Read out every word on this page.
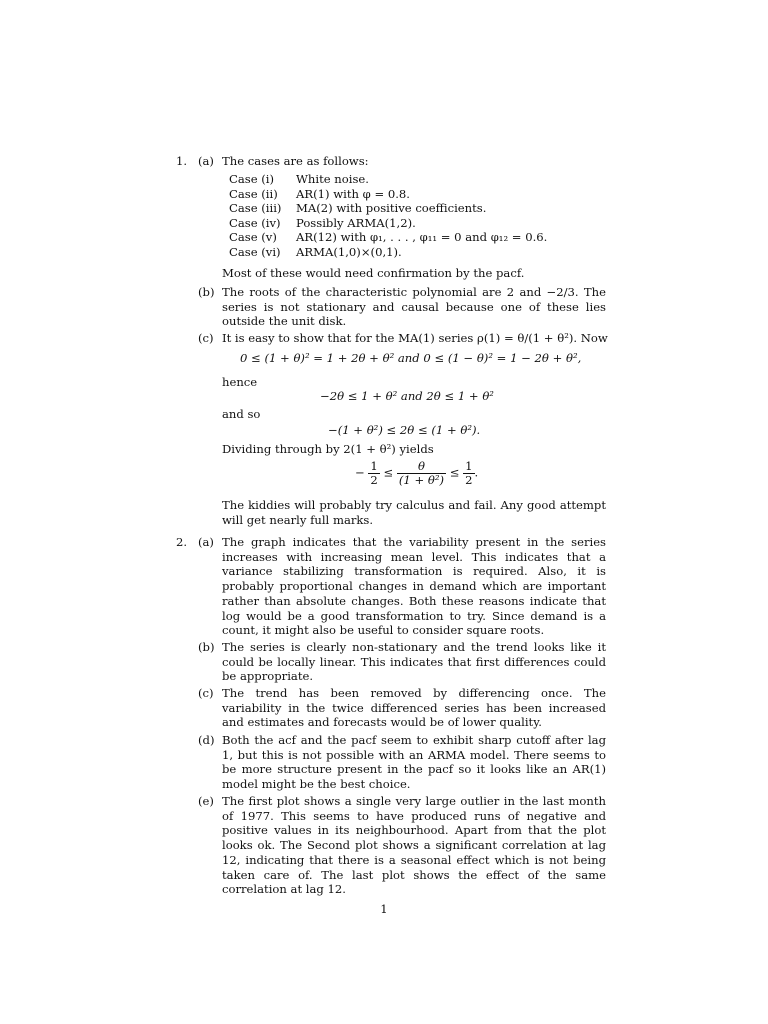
1. (a) The cases are as follows:
Case (i) White noise.
Case (ii) AR(1) with φ = 0.8.
Case (iii) MA(2) with positive coefficients.
Case (iv) Possibly ARMA(1,2).
Case (v) AR(12) with φ₁, . . . , φ₁₁ = 0 and φ₁₂ = 0.6.
Case (vi) ARMA(1,0)×(0,1).
Most of these would need confirmation by the pacf.
(b) The roots of the characteristic polynomial are 2 and −2/3. The series is not stationary and causal because one of these lies outside the unit disk.

(c) It is easy to show that for the MA(1) series ρ(1) = θ/(1 + θ²). Now
0 ≤ (1 + θ)² = 1 + 2θ + θ² and 0 ≤ (1 − θ)² = 1 − 2θ + θ²,
hence
−2θ ≤ 1 + θ² and 2θ ≤ 1 + θ²
and so
−(1 + θ²) ≤ 2θ ≤ (1 + θ²).
Dividing through by 2(1 + θ²) yields
− $\frac{1}{2} \le \frac{\theta}{\text{(1 + θ²)}} \le \frac{1}{2}$ .

The kiddies will probably try calculus and fail. Any good attempt will get nearly full marks.

2. (a) The graph indicates that the variability present in the series increases with increasing mean level. This indicates that a variance stabilizing transformation is required. Also, it is probably proportional changes in demand which are important rather than absolute changes. Both these reasons indicate that log would be a good transformation to try. Since demand is a count, it might also be useful to consider square roots.

(b) The series is clearly non-stationary and the trend looks like it could be locally linear. This indicates that first differences could be appropriate.

(c) The trend has been removed by differencing once. The variability in the twice differenced series has been increased and estimates and forecasts would be of lower quality.

(d) Both the acf and the pacf seem to exhibit sharp cutoff after lag 1, but this is not possible with an ARMA model. There seems to be more structure present in the pacf so it looks like an AR(1) model might be the best choice.

(e) The first plot shows a single very large outlier in the last month of 1977. This seems to have produced runs of negative and positive values in its neighbourhood. Apart from that the plot looks ok. The Second plot shows a significant correlation at lag 12, indicating that there is a seasonal effect which is not being taken care of. The last plot shows the effect of the same correlation at lag 12.

1
